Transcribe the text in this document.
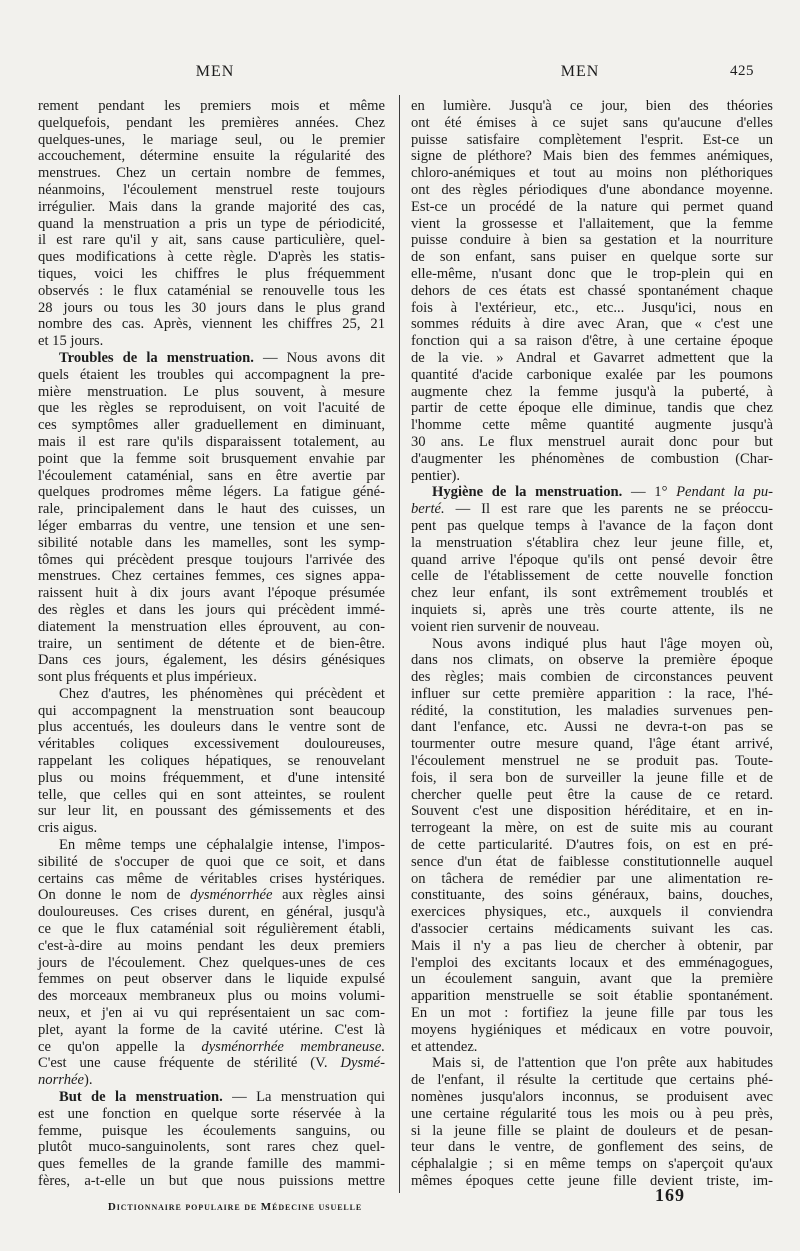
MEN	MEN	425
rement pendant les premiers mois et même
quelquefois, pendant les premières années. Chez
quelques-unes, le mariage seul, ou le premier
accouchement, détermine ensuite la régularité des
menstrues. Chez un certain nombre de femmes,
néanmoins, l'écoulement menstruel reste toujours
irrégulier. Mais dans la grande majorité des cas,
quand la menstruation a pris un type de périodicité,
il est rare qu'il y ait, sans cause particulière, quel-
ques modifications à cette règle. D'après les statis-
tiques, voici les chiffres le plus fréquemment
observés : le flux cataménial se renouvelle tous les
28 jours ou tous les 30 jours dans le plus grand
nombre des cas. Après, viennent les chiffres 25, 21
et 15 jours.
Troubles de la menstruation. — Nous avons dit
quels étaient les troubles qui accompagnent la pre-
mière menstruation. Le plus souvent, à mesure
que les règles se reproduisent, on voit l'acuité de
ces symptômes aller graduellement en diminuant,
mais il est rare qu'ils disparaissent totalement, au
point que la femme soit brusquement envahie par
l'écoulement cataménial, sans en être avertie par
quelques prodromes même légers. La fatigue géné-
rale, principalement dans le haut des cuisses, un
léger embarras du ventre, une tension et une sen-
sibilité notable dans les mamelles, sont les symp-
tômes qui précèdent presque toujours l'arrivée des
menstrues. Chez certaines femmes, ces signes appa-
raissent huit à dix jours avant l'époque présumée
des règles et dans les jours qui précèdent immé-
diatement la menstruation elles éprouvent, au con-
traire, un sentiment de détente et de bien-être.
Dans ces jours, également, les désirs génésiques
sont plus fréquents et plus impérieux.
Chez d'autres, les phénomènes qui précèdent et
qui accompagnent la menstruation sont beaucoup
plus accentués, les douleurs dans le ventre sont de
véritables coliques excessivement douloureuses,
rappelant les coliques hépatiques, se renouvelant
plus ou moins fréquemment, et d'une intensité
telle, que celles qui en sont atteintes, se roulent
sur leur lit, en poussant des gémissements et des
cris aigus.
En même temps une céphalalgie intense, l'impos-
sibilité de s'occuper de quoi que ce soit, et dans
certains cas même de véritables crises hystériques.
On donne le nom de dysménorrhée aux règles ainsi
douloureuses. Ces crises durent, en général, jusqu'à
ce que le flux cataménial soit régulièrement établi,
c'est-à-dire au moins pendant les deux premiers
jours de l'écoulement. Chez quelques-unes de ces
femmes on peut observer dans le liquide expulsé
des morceaux membraneux plus ou moins volumi-
neux, et j'en ai vu qui représentaient un sac com-
plet, ayant la forme de la cavité utérine. C'est là
ce qu'on appelle la dysménorrhée membraneuse.
C'est une cause fréquente de stérilité (V. Dysmé-
norrhée).
But de la menstruation. — La menstruation qui
est une fonction en quelque sorte réservée à la
femme, puisque les écoulements sanguins, ou
plutôt muco-sanguinolents, sont rares chez quel-
ques femelles de la grande famille des mammi-
fères, a-t-elle un but que nous puissions mettre
en lumière. Jusqu'à ce jour, bien des théories
ont été émises à ce sujet sans qu'aucune d'elles
puisse satisfaire complètement l'esprit. Est-ce un
signe de pléthore? Mais bien des femmes anémiques,
chloro-anémiques et tout au moins non pléthoriques
ont des règles périodiques d'une abondance moyenne.
Est-ce un procédé de la nature qui permet quand
vient la grossesse et l'allaitement, que la femme
puisse conduire à bien sa gestation et la nourriture
de son enfant, sans puiser en quelque sorte sur
elle-même, n'usant donc que le trop-plein qui en
dehors de ces états est chassé spontanément chaque
fois à l'extérieur, etc., etc... Jusqu'ici, nous en
sommes réduits à dire avec Aran, que « c'est une
fonction qui a sa raison d'être, à une certaine époque
de la vie. » Andral et Gavarret admettent que la
quantité d'acide carbonique exalée par les poumons
augmente chez la femme jusqu'à la puberté, à
partir de cette époque elle diminue, tandis que chez
l'homme cette même quantité augmente jusqu'à
30 ans. Le flux menstruel aurait donc pour but
d'augmenter les phénomènes de combustion (Char-
pentier).
Hygiène de la menstruation. — 1° Pendant la pu-
berté. — Il est rare que les parents ne se préoccu-
pent pas quelque temps à l'avance de la façon dont
la menstruation s'établira chez leur jeune fille, et,
quand arrive l'époque qu'ils ont pensé devoir être
celle de l'établissement de cette nouvelle fonction
chez leur enfant, ils sont extrêmement troublés et
inquiets si, après une très courte attente, ils ne
voient rien survenir de nouveau.
Nous avons indiqué plus haut l'âge moyen où,
dans nos climats, on observe la première époque
des règles; mais combien de circonstances peuvent
influer sur cette première apparition : la race, l'hé-
rédité, la constitution, les maladies survenues pen-
dant l'enfance, etc. Aussi ne devra-t-on pas se
tourmenter outre mesure quand, l'âge étant arrivé,
l'écoulement menstruel ne se produit pas. Toute-
fois, il sera bon de surveiller la jeune fille et de
chercher quelle peut être la cause de ce retard.
Souvent c'est une disposition héréditaire, et en in-
terrogeant la mère, on est de suite mis au courant
de cette particularité. D'autres fois, on est en pré-
sence d'un état de faiblesse constitutionnelle auquel
on tâchera de remédier par une alimentation re-
constituante, des soins généraux, bains, douches,
exercices physiques, etc., auxquels il conviendra
d'associer certains médicaments suivant les cas.
Mais il n'y a pas lieu de chercher à obtenir, par
l'emploi des excitants locaux et des emménagogues,
un écoulement sanguin, avant que la première
apparition menstruelle se soit établie spontanément.
En un mot : fortifiez la jeune fille par tous les
moyens hygiéniques et médicaux en votre pouvoir,
et attendez.
Mais si, de l'attention que l'on prête aux habitudes
de l'enfant, il résulte la certitude que certains phé-
nomènes jusqu'alors inconnus, se produisent avec
une certaine régularité tous les mois ou à peu près,
si la jeune fille se plaint de douleurs et de pesan-
teur dans le ventre, de gonflement des seins, de
céphalalgie ; si en même temps on s'aperçoit qu'aux
mêmes époques cette jeune fille devient triste, im-
Dictionnaire populaire de Médecine usuelle
169
